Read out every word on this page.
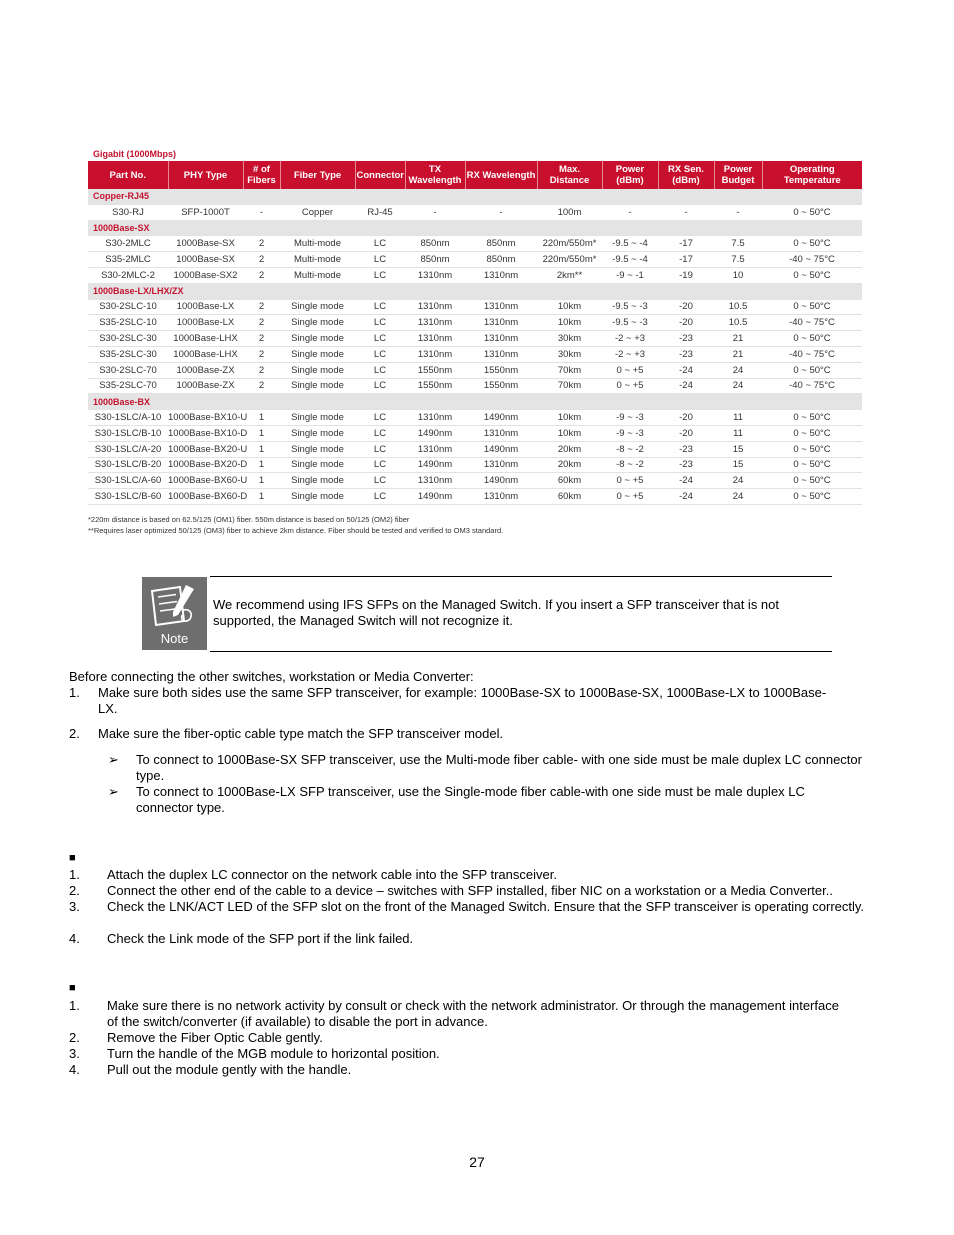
Gigabit (1000Mbps)
Part No.	PHY Type	# of Fibers	Fiber Type	Connector	TX Wavelength	RX Wavelength	Max. Distance	Power (dBm)	RX Sen. (dBm)	Power Budget	Operating Temperature
Copper-RJ45											
S30-RJ	SFP-1000T	-	Copper	RJ-45	-	-	100m	-	-	-	0 ~ 50°C
1000Base-SX											
S30-2MLC	1000Base-SX	2	Multi-mode	LC	850nm	850nm	220m/550m*	-9.5 ~ -4	-17	7.5	0 ~ 50°C
S35-2MLC	1000Base-SX	2	Multi-mode	LC	850nm	850nm	220m/550m*	-9.5 ~ -4	-17	7.5	-40 ~ 75°C
S30-2MLC-2	1000Base-SX2	2	Multi-mode	LC	1310nm	1310nm	2km**	-9 ~ -1	-19	10	0 ~ 50°C
1000Base-LX/LHX/ZX											
S30-2SLC-10	1000Base-LX	2	Single mode	LC	1310nm	1310nm	10km	-9.5 ~ -3	-20	10.5	0 ~ 50°C
S35-2SLC-10	1000Base-LX	2	Single mode	LC	1310nm	1310nm	10km	-9.5 ~ -3	-20	10.5	-40 ~ 75°C
S30-2SLC-30	1000Base-LHX	2	Single mode	LC	1310nm	1310nm	30km	-2 ~ +3	-23	21	0 ~ 50°C
S35-2SLC-30	1000Base-LHX	2	Single mode	LC	1310nm	1310nm	30km	-2 ~ +3	-23	21	-40 ~ 75°C
S30-2SLC-70	1000Base-ZX	2	Single mode	LC	1550nm	1550nm	70km	0 ~ +5	-24	24	0 ~ 50°C
S35-2SLC-70	1000Base-ZX	2	Single mode	LC	1550nm	1550nm	70km	0 ~ +5	-24	24	-40 ~ 75°C
1000Base-BX											
S30-1SLC/A-10	1000Base-BX10-U	1	Single mode	LC	1310nm	1490nm	10km	-9 ~ -3	-20	11	0 ~ 50°C
S30-1SLC/B-10	1000Base-BX10-D	1	Single mode	LC	1490nm	1310nm	10km	-9 ~ -3	-20	11	0 ~ 50°C
S30-1SLC/A-20	1000Base-BX20-U	1	Single mode	LC	1310nm	1490nm	20km	-8 ~ -2	-23	15	0 ~ 50°C
S30-1SLC/B-20	1000Base-BX20-D	1	Single mode	LC	1490nm	1310nm	20km	-8 ~ -2	-23	15	0 ~ 50°C
S30-1SLC/A-60	1000Base-BX60-U	1	Single mode	LC	1310nm	1490nm	60km	0 ~ +5	-24	24	0 ~ 50°C
S30-1SLC/B-60	1000Base-BX60-D	1	Single mode	LC	1490nm	1310nm	60km	0 ~ +5	-24	24	0 ~ 50°C
*220m distance is based on 62.5/125 (OM1) fiber. 550m distance is based on 50/125 (OM2) fiber
**Requires laser optimized 50/125 (OM3) fiber to achieve 2km distance. Fiber should be tested and verified to OM3 standard.
Note
We recommend using IFS SFPs on the Managed Switch. If you insert a SFP transceiver that is not supported, the Managed Switch will not recognize it.
Before connecting the other switches, workstation or Media Converter:
1. Make sure both sides use the same SFP transceiver, for example: 1000Base-SX to 1000Base-SX, 1000Base-LX to 1000Base-LX.
2. Make sure the fiber-optic cable type match the SFP transceiver model.
➢ To connect to 1000Base-SX SFP transceiver, use the Multi-mode fiber cable- with one side must be male duplex LC connector type.
➢ To connect to 1000Base-LX SFP transceiver, use the Single-mode fiber cable-with one side must be male duplex LC connector type.
■
1. Attach the duplex LC connector on the network cable into the SFP transceiver.
2. Connect the other end of the cable to a device – switches with SFP installed, fiber NIC on a workstation or a Media Converter..
3. Check the LNK/ACT LED of the SFP slot on the front of the Managed Switch. Ensure that the SFP transceiver is operating correctly.
4. Check the Link mode of the SFP port if the link failed.
■
1. Make sure there is no network activity by consult or check with the network administrator. Or through the management interface of the switch/converter (if available) to disable the port in advance.
2. Remove the Fiber Optic Cable gently.
3. Turn the handle of the MGB module to horizontal position.
4. Pull out the module gently with the handle.
27
